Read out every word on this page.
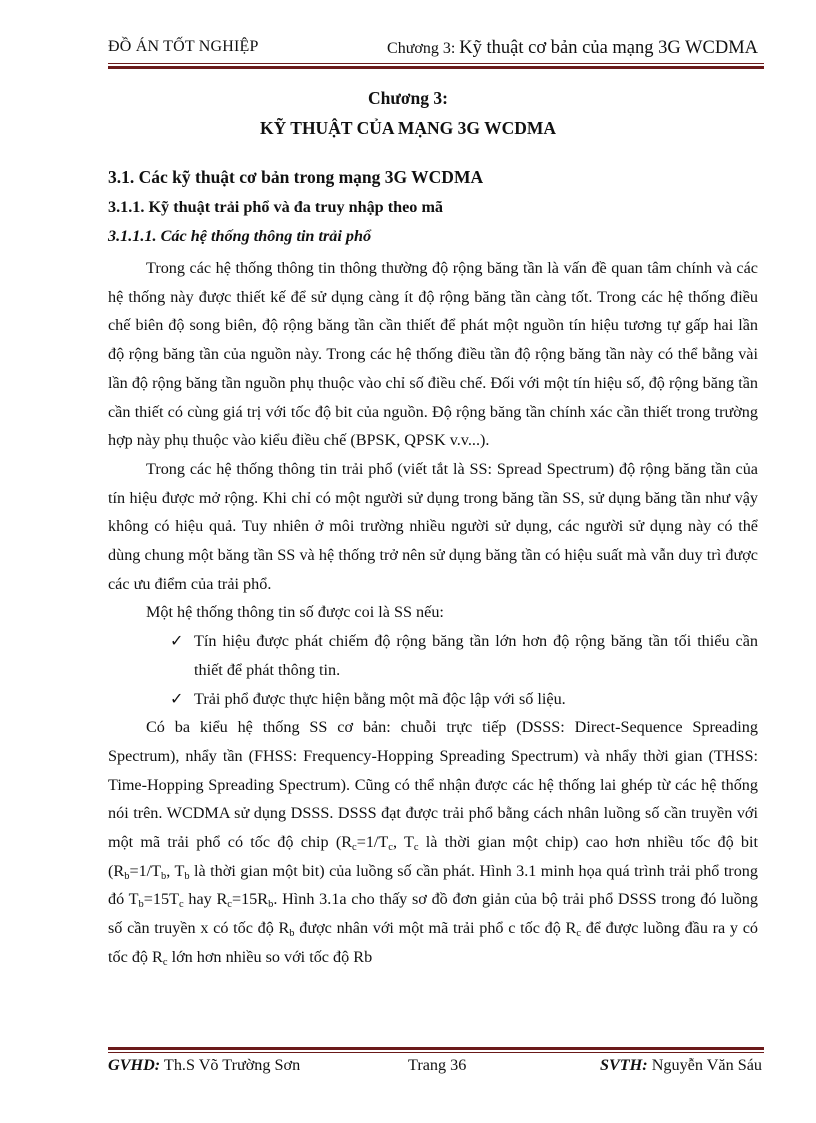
ĐỒ ÁN TỐT NGHIỆP	Chương 3: Kỹ thuật cơ bản của mạng 3G WCDMA
Chương 3:
KỸ THUẬT CỦA MẠNG 3G WCDMA
3.1. Các kỹ thuật cơ bản trong mạng 3G WCDMA
3.1.1. Kỹ thuật trải phổ và đa truy nhập theo mã
3.1.1.1. Các hệ thống thông tin trải phổ

Trong các hệ thống thông tin thông thường độ rộng băng tần là vấn đề quan tâm chính và các hệ thống này được thiết kế để sử dụng càng ít độ rộng băng tần càng tốt. Trong các hệ thống điều chế biên độ song biên, độ rộng băng tần cần thiết để phát một nguồn tín hiệu tương tự gấp hai lần độ rộng băng tần của nguồn này. Trong các hệ thống điều tần độ rộng băng tần này có thể bằng vài lần độ rộng băng tần nguồn phụ thuộc vào chỉ số điều chế. Đối với một tín hiệu số, độ rộng băng tần cần thiết có cùng giá trị với tốc độ bit của nguồn. Độ rộng băng tần chính xác cần thiết trong trường hợp này phụ thuộc vào kiểu điều chế (BPSK, QPSK v.v...).

Trong các hệ thống thông tin trải phổ (viết tắt là SS: Spread Spectrum) độ rộng băng tần của tín hiệu được mở rộng. Khi chỉ có một người sử dụng trong băng tần SS, sử dụng băng tần như vậy không có hiệu quả. Tuy nhiên ở môi trường nhiều người sử dụng, các người sử dụng này có thể dùng chung một băng tần SS và hệ thống trở nên sử dụng băng tần có hiệu suất mà vẫn duy trì được các ưu điểm của trải phổ.

Một hệ thống thông tin số được coi là SS nếu:

✓ Tín hiệu được phát chiếm độ rộng băng tần lớn hơn độ rộng băng tần tối thiểu cần thiết để phát thông tin.
✓ Trải phổ được thực hiện bằng một mã độc lập với số liệu.

Có ba kiểu hệ thống SS cơ bản: chuỗi trực tiếp (DSSS: Direct-Sequence Spreading Spectrum), nhẩy tần (FHSS: Frequency-Hopping Spreading Spectrum) và nhẩy thời gian (THSS: Time-Hopping Spreading Spectrum). Cũng có thể nhận được các hệ thống lai ghép từ các hệ thống nói trên. WCDMA sử dụng DSSS. DSSS đạt được trải phổ bằng cách nhân luồng số cần truyền với một mã trải phổ có tốc độ chip ($R_c=1/T_c$, $T_c$ là thời gian một chip) cao hơn nhiều tốc độ bit ($R_b=1/T_b$, $T_b$ là thời gian một bit) của luồng số cần phát. Hình 3.1 minh họa quá trình trải phổ trong đó $T_b=15T_c$ hay $R_c=15R_b$. Hình 3.1a cho thấy sơ đồ đơn giản của bộ trải phổ DSSS trong đó luồng số cần truyền x có tốc độ $R_b$ được nhân với một mã trải phổ c tốc độ $R_c$ để được luồng đầu ra y có tốc độ $R_c$ lớn hơn nhiều so với tốc độ Rb

GVHD: Th.S Võ Trường Sơn	Trang 36	SVTH: Nguyễn Văn Sáu
